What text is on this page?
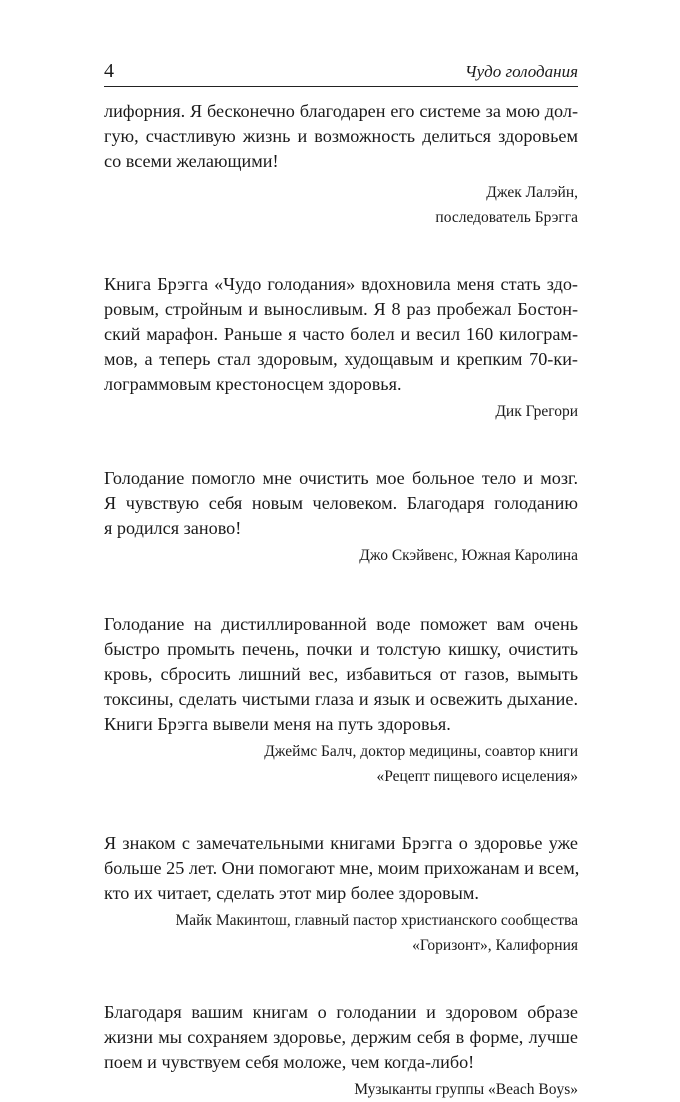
4	Чудо голодания

лифорния. Я бесконечно благодарен его системе за мою дол-
гую, счастливую жизнь и возможность делиться здоровьем
со всеми желающими!

Джек Лалэйн,
последователь Брэгга

Книга Брэгга «Чудо голодания» вдохновила меня стать здо-
ровым, стройным и выносливым. Я 8 раз пробежал Бостон-
ский марафон. Раньше я часто болел и весил 160 килограм-
мов, а теперь стал здоровым, худощавым и крепким 70-ки-
лограммовым крестоносцем здоровья.

Дик Грегори

Голодание помогло мне очистить мое больное тело и мозг.
Я чувствую себя новым человеком. Благодаря голоданию
я родился заново!

Джо Скэйвенс, Южная Каролина

Голодание на дистиллированной воде поможет вам очень
быстро промыть печень, почки и толстую кишку, очистить
кровь, сбросить лишний вес, избавиться от газов, вымыть
токсины, сделать чистыми глаза и язык и освежить дыхание.
Книги Брэгга вывели меня на путь здоровья.

Джеймс Балч, доктор медицины, соавтор книги
«Рецепт пищевого исцеления»

Я знаком с замечательными книгами Брэгга о здоровье уже
больше 25 лет. Они помогают мне, моим прихожанам и всем,
кто их читает, сделать этот мир более здоровым.

Майк Макинтош, главный пастор христианского сообщества
«Горизонт», Калифорния

Благодаря вашим книгам о голодании и здоровом образе
жизни мы сохраняем здоровье, держим себя в форме, лучше
поем и чувствуем себя моложе, чем когда-либо!

Музыканты группы «Beach Boys»
